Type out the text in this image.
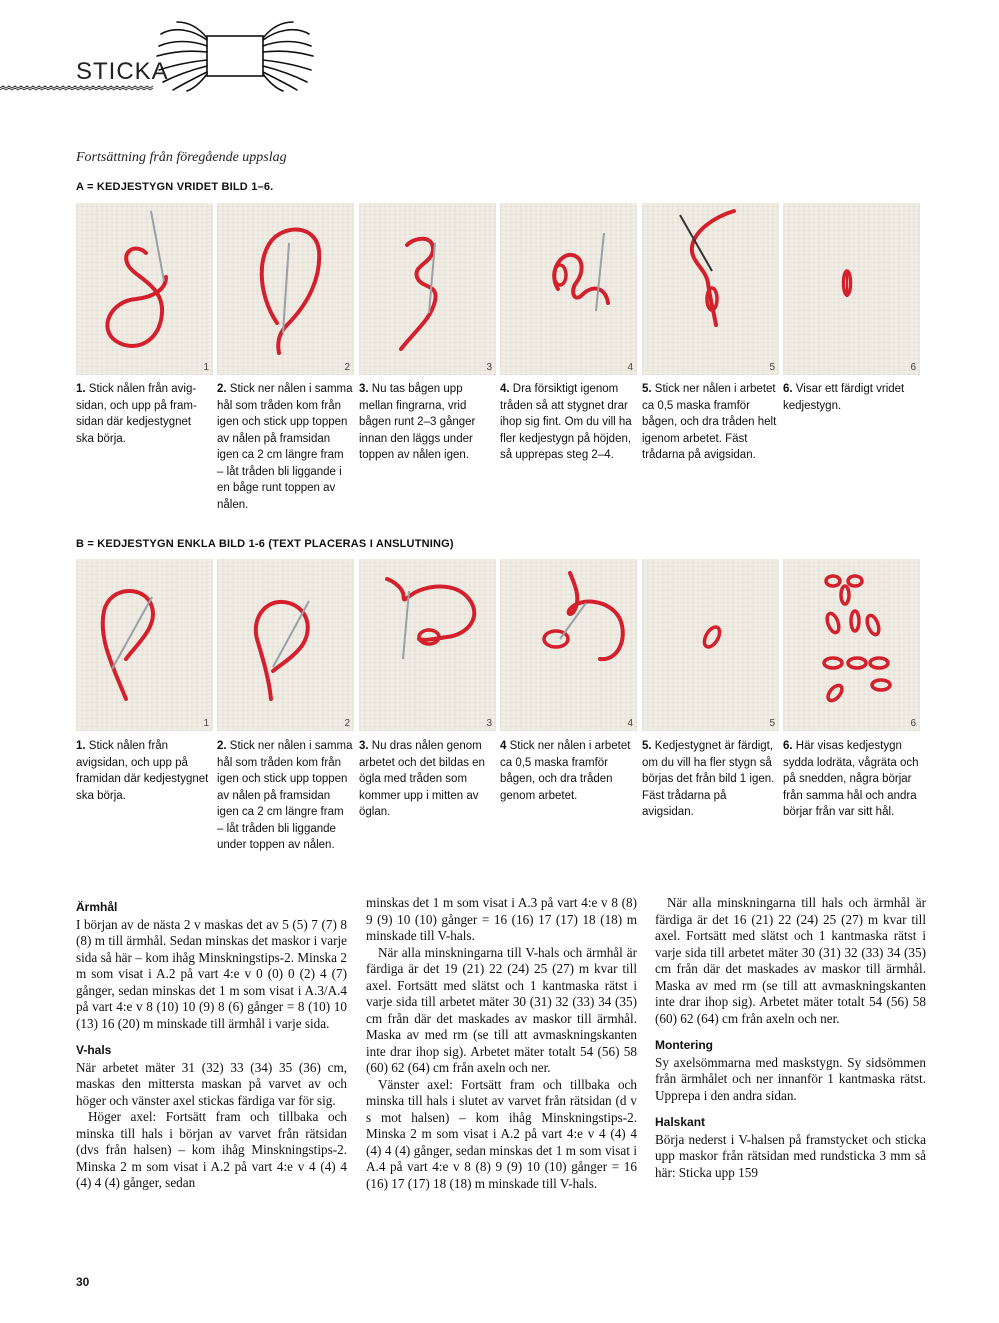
STICKA
Fortsättning från föregående uppslag
A = KEDJESTYGN VRIDET BILD 1–6.
1	2	3	4	5	6
1. Stick nålen från avigsidan, och upp på framsidan där kedjestygnet ska börja.
2. Stick ner nålen i samma hål som tråden kom från igen och stick upp toppen av nålen på framsidan igen ca 2 cm längre fram – låt tråden bli liggande i en båge runt toppen av nålen.
3. Nu tas bågen upp mellan fingrarna, vrid bågen runt 2–3 gånger innan den läggs under toppen av nålen igen.
4. Dra försiktigt igenom tråden så att stygnet drar ihop sig fint. Om du vill ha fler kedjestygn på höjden, så upprepas steg 2–4.
5. Stick ner nålen i arbetet ca 0,5 maska framför bågen, och dra tråden helt igenom arbetet. Fäst trådarna på avigsidan.
6. Visar ett färdigt vridet kedjestygn.
B = KEDJESTYGN ENKLA BILD 1-6 (TEXT PLACERAS I ANSLUTNING)
1	2	3	4	5	6
1. Stick nålen från avigsidan, och upp på framidan där kedjestygnet ska börja.
2. Stick ner nålen i samma hål som tråden kom från igen och stick upp toppen av nålen på framsidan igen ca 2 cm längre fram – låt tråden bli liggande under toppen av nålen.
3. Nu dras nålen genom arbetet och det bildas en ögla med tråden som kommer upp i mitten av öglan.
4 Stick ner nålen i arbetet ca 0,5 maska framför bågen, och dra tråden genom arbetet.
5. Kedjestygnet är färdigt, om du vill ha fler stygn så börjas det från bild 1 igen. Fäst trådarna på avigsidan.
6. Här visas kedjestygn sydda lodräta, vågräta och på snedden, några börjar från samma hål och andra börjar från var sitt hål.
Ärmhål

I början av de nästa 2 v maskas det av 5 (5) 7 (7) 8 (8) m till ärmhål. Sedan minskas det maskor i varje sida så här – kom ihåg Minskningstips-2. Minska 2 m som visat i A.2 på vart 4:e v 0 (0) 0 (2) 4 (7) gånger, sedan minskas det 1 m som visat i A.3/A.4 på vart 4:e v 8 (10) 10 (9) 8 (6) gånger = 8 (10) 10 (13) 16 (20) m minskade till ärmhål i varje sida.

V-hals

När arbetet mäter 31 (32) 33 (34) 35 (36) cm, maskas den mittersta maskan på varvet av och höger och vänster axel stickas färdiga var för sig.

Höger axel: Fortsätt fram och tillbaka och minska till hals i början av varvet från rätsidan (dvs från halsen) – kom ihåg Minskningstips-2. Minska 2 m som visat i A.2 på vart 4:e v 4 (4) 4 (4) 4 (4) gånger, sedan

minskas det 1 m som visat i A.3 på vart 4:e v 8 (8) 9 (9) 10 (10) gånger = 16 (16) 17 (17) 18 (18) m minskade till V-hals.

När alla minskningarna till V-hals och ärmhål är färdiga är det 19 (21) 22 (24) 25 (27) m kvar till axel. Fortsätt med slätst och 1 kantmaska rätst i varje sida till arbetet mäter 30 (31) 32 (33) 34 (35) cm från där det maskades av maskor till ärmhål. Maska av med rm (se till att avmaskningskanten inte drar ihop sig). Arbetet mäter totalt 54 (56) 58 (60) 62 (64) cm från axeln och ner.

Vänster axel: Fortsätt fram och tillbaka och minska till hals i slutet av varvet från rätsidan (d v s mot halsen) – kom ihåg Minskningstips-2. Minska 2 m som visat i A.2 på vart 4:e v 4 (4) 4 (4) 4 (4) gånger, sedan minskas det 1 m som visat i A.4 på vart 4:e v 8 (8) 9 (9) 10 (10) gånger = 16 (16) 17 (17) 18 (18) m minskade till V-hals.

När alla minskningarna till hals och ärmhål är färdiga är det 16 (21) 22 (24) 25 (27) m kvar till axel. Fortsätt med slätst och 1 kantmaska rätst i varje sida till arbetet mäter 30 (31) 32 (33) 34 (35) cm från där det maskades av maskor till ärmhål. Maska av med rm (se till att avmaskningskanten inte drar ihop sig). Arbetet mäter totalt 54 (56) 58 (60) 62 (64) cm från axeln och ner.

Montering

Sy axelsömmarna med maskstygn. Sy sidsömmen från ärmhålet och ner innanför 1 kantmaska rätst. Upprepa i den andra sidan.

Halskant

Börja nederst i V-halsen på framstycket och sticka upp maskor från rätsidan med rundsticka 3 mm så här: Sticka upp 159

30
